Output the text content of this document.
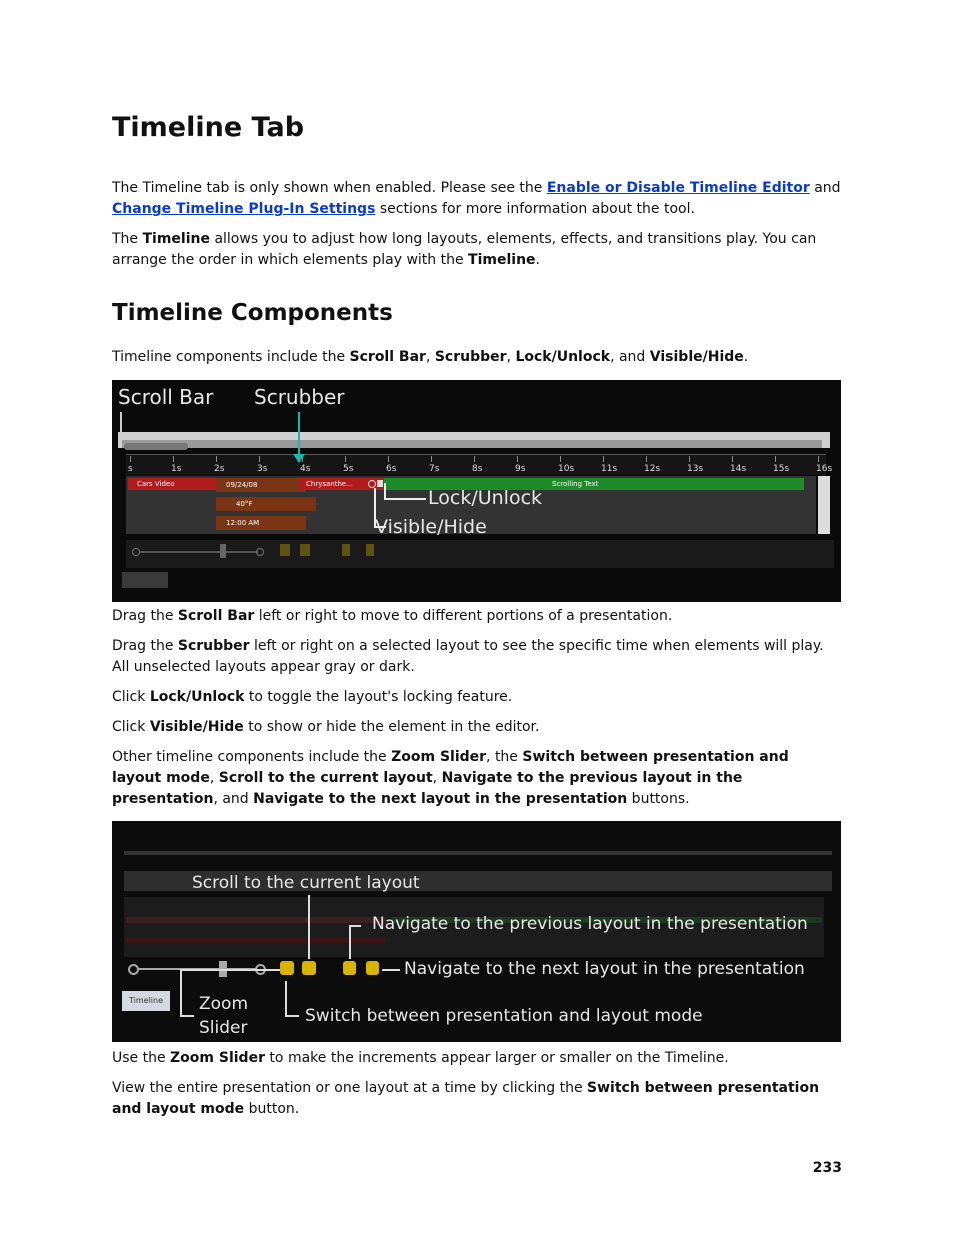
Timeline Tab

The Timeline tab is only shown when enabled. Please see the Enable or Disable Timeline Editor and
Change Timeline Plug-In Settings sections for more information about the tool.

The Timeline allows you to adjust how long layouts, elements, effects, and transitions play. You can arrange the order in which elements play with the Timeline.

Timeline Components

Timeline components include the Scroll Bar, Scrubber, Lock/Unlock, and Visible/Hide.

Scroll Bar Scrubber
s	1s	2s	3s	4s	5s	6s	7s	8s	9s	10s	11s	12s	13s	14s	15s	16s
Cars Video	09/24/08
40°F
12:00 AM
Chrysanthe...	Scrolling Text
Lock/Unlock
Visible/Hide

Drag the Scroll Bar left or right to move to different portions of a presentation.

Drag the Scrubber left or right on a selected layout to see the specific time when elements will play. All unselected layouts appear gray or dark.

Click Lock/Unlock to toggle the layout's locking feature.

Click Visible/Hide to show or hide the element in the editor.

Other timeline components include the Zoom Slider, the Switch between presentation and layout mode, Scroll to the current layout, Navigate to the previous layout in the presentation, and Navigate to the next layout in the presentation buttons.

Scroll to the current layout
Navigate to the previous layout in the presentation
Navigate to the next layout in the presentation
Zoom
Slider
Switch between presentation and layout mode
Timeline

Use the Zoom Slider to make the increments appear larger or smaller on the Timeline.

View the entire presentation or one layout at a time by clicking the Switch between presentation and layout mode button.

233
